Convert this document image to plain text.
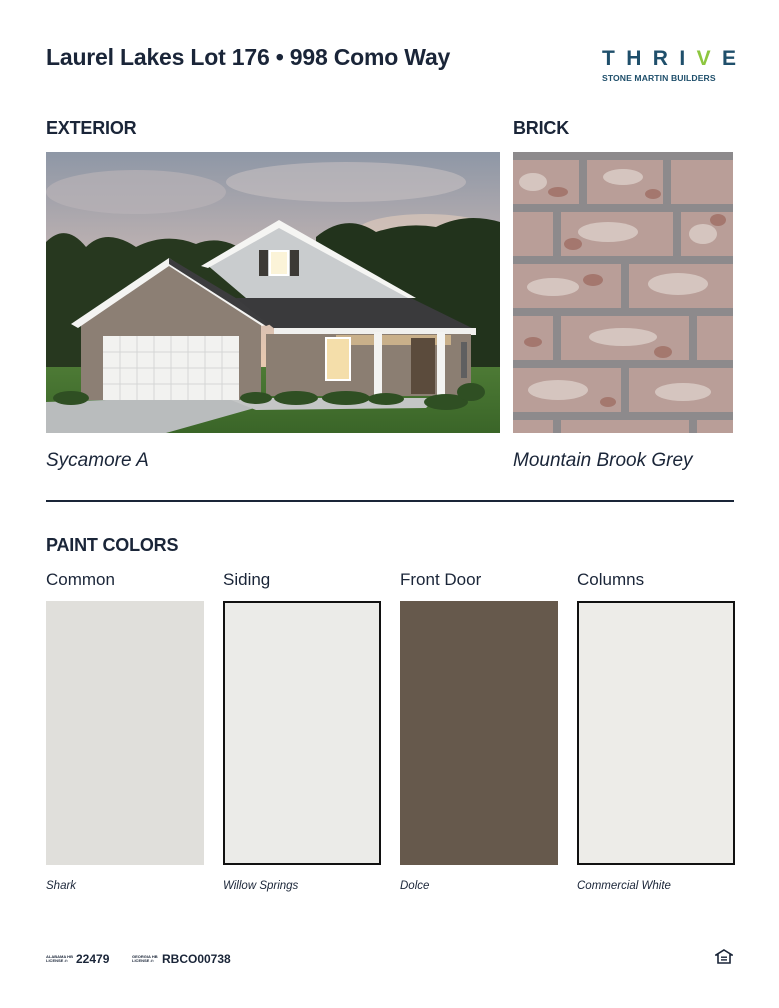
Laurel Lakes Lot 176 • 998 Como Way	T H R I V E
STONE MARTIN BUILDERS
EXTERIOR	BRICK
Sycamore A	Mountain Brook Grey
PAINT COLORS
Common	Siding	Front Door	Columns
Shark	Willow Springs	Dolce	Commercial White
ALABAMA HB
LICENSE #: 22479	GEORGIA HB
LICENSE #: RBCO00738
